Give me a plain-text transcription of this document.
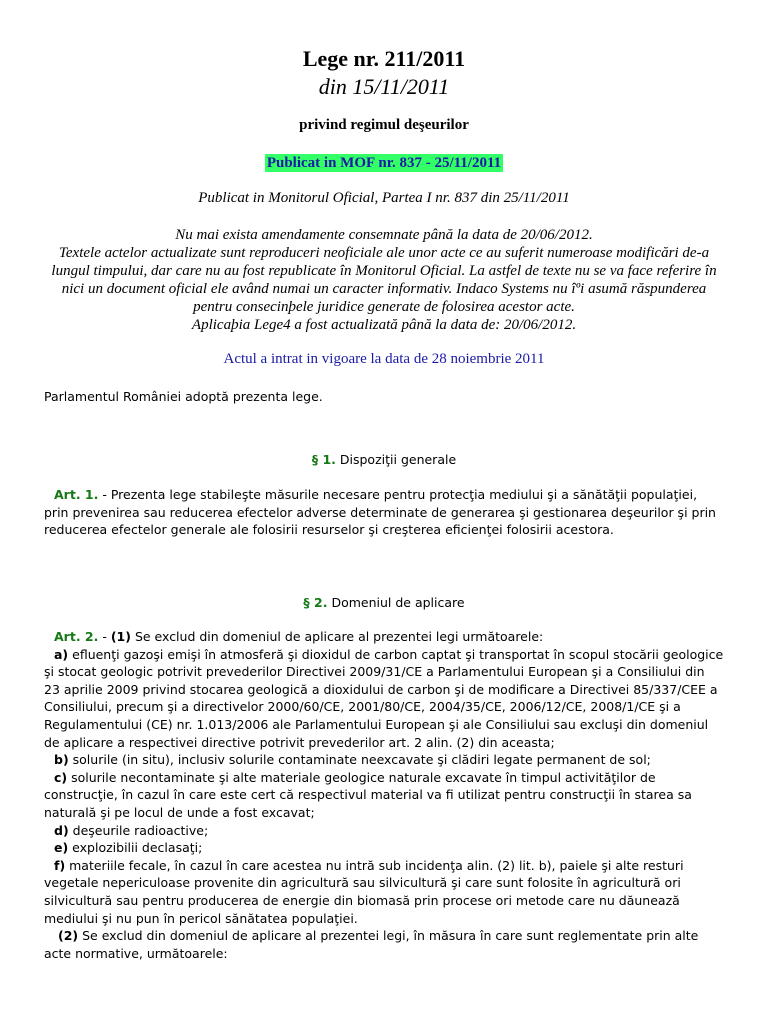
Lege nr. 211/2011
din 15/11/2011
privind regimul deşeurilor
Publicat in MOF nr. 837 - 25/11/2011
Publicat in Monitorul Oficial, Partea I nr. 837 din 25/11/2011
Nu mai exista amendamente consemnate până la data de 20/06/2012.
Textele actelor actualizate sunt reproduceri neoficiale ale unor acte ce au suferit numeroase modificări de-a
lungul timpului, dar care nu au fost republicate în Monitorul Oficial. La astfel de texte nu se va face referire în
nici un document oficial ele având numai un caracter informativ. Indaco Systems nu îºi asumă răspunderea
pentru consecinþele juridice generate de folosirea acestor acte.
Aplicaþia Lege4 a fost actualizată până la data de: 20/06/2012.
Actul a intrat in vigoare la data de 28 noiembrie 2011
Parlamentul României adoptă prezenta lege.
§ 1. Dispoziţii generale

Art. 1. - Prezenta lege stabileşte măsurile necesare pentru protecţia mediului şi a sănătăţii populaţiei, prin prevenirea sau reducerea efectelor adverse determinate de generarea şi gestionarea deşeurilor şi prin reducerea efectelor generale ale folosirii resurselor şi creşterea eficienţei folosirii acestora.

§ 2. Domeniul de aplicare

Art. 2. - (1) Se exclud din domeniul de aplicare al prezentei legi următoarele:

a) efluenţi gazoşi emişi în atmosferă şi dioxidul de carbon captat şi transportat în scopul stocării geologice şi stocat geologic potrivit prevederilor Directivei 2009/31/CE a Parlamentului European şi a Consiliului din 23 aprilie 2009 privind stocarea geologică a dioxidului de carbon şi de modificare a Directivei 85/337/CEE a Consiliului, precum şi a directivelor 2000/60/CE, 2001/80/CE, 2004/35/CE, 2006/12/CE, 2008/1/CE şi a Regulamentului (CE) nr. 1.013/2006 ale Parlamentului European şi ale Consiliului sau excluşi din domeniul de aplicare a respectivei directive potrivit prevederilor art. 2 alin. (2) din aceasta;

b) solurile (in situ), inclusiv solurile contaminate neexcavate şi clădiri legate permanent de sol;

c) solurile necontaminate şi alte materiale geologice naturale excavate în timpul activităţilor de construcţie, în cazul în care este cert că respectivul material va fi utilizat pentru construcţii în starea sa naturală şi pe locul de unde a fost excavat;

d) deşeurile radioactive;

e) explozibilii declasaţi;

f) materiile fecale, în cazul în care acestea nu intră sub incidenţa alin. (2) lit. b), paiele şi alte resturi vegetale nepericuloase provenite din agricultură sau silvicultură şi care sunt folosite în agricultură ori silvicultură sau pentru producerea de energie din biomasă prin procese ori metode care nu dăunează mediului şi nu pun în pericol sănătatea populaţiei.

(2) Se exclud din domeniul de aplicare al prezentei legi, în măsura în care sunt reglementate prin alte acte normative, următoarele:
